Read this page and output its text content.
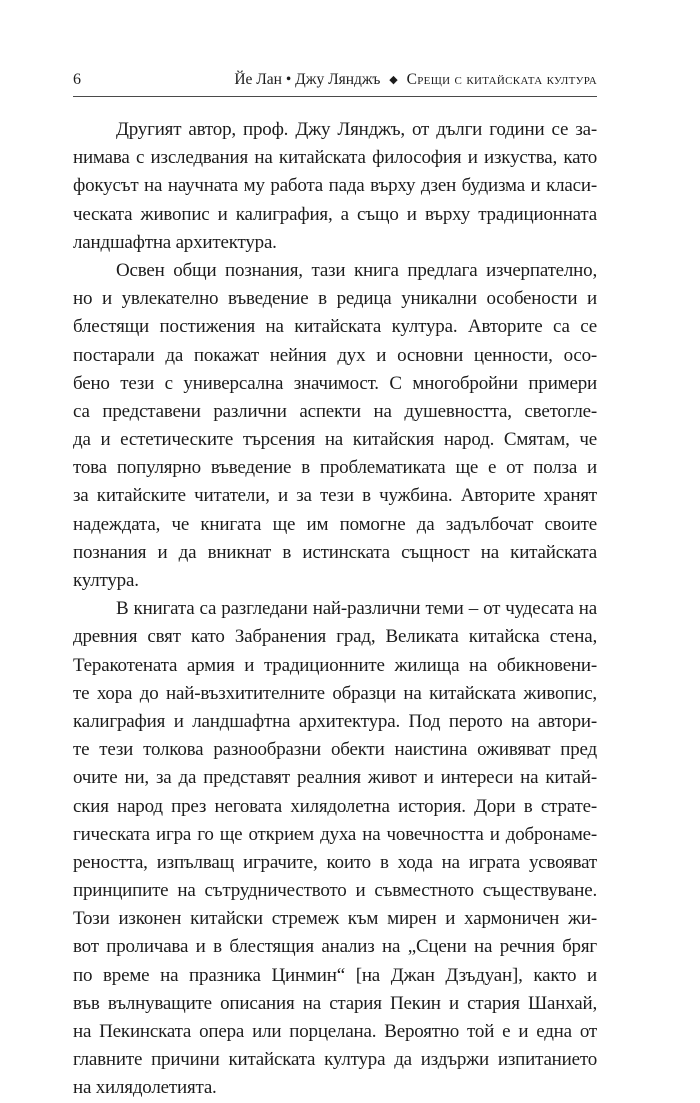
6	Йе Лан • Джу Лянджъ ◆ Срещи с китайската култура
Другият автор, проф. Джу Лянджъ, от дълги години се за-
нимава с изследвания на китайската философия и изкуства, като
фокусът на научната му работа пада върху дзен будизма и класи-
ческата живопис и калиграфия, а също и върху традиционната
ландшафтна архитектура.
Освен общи познания, тази книга предлага изчерпателно,
но и увлекателно въведение в редица уникални особености и
блестящи постижения на китайската култура. Авторите са се
постарали да покажат нейния дух и основни ценности, осо-
бено тези с универсална значимост. С многобройни примери
са представени различни аспекти на душевността, светогле-
да и естетическите търсения на китайския народ. Смятам, че
това популярно въведение в проблематиката ще е от полза и
за китайските читатели, и за тези в чужбина. Авторите хранят
надеждата, че книгата ще им помогне да задълбочат своите
познания и да вникнат в истинската същност на китайската
култура.
В книгата са разгледани най-различни теми – от чудесата на
древния свят като Забранения град, Великата китайска стена,
Теракотената армия и традиционните жилища на обикновени-
те хора до най-възхитителните образци на китайската живопис,
калиграфия и ландшафтна архитектура. Под перото на автори-
те тези толкова разнообразни обекти наистина оживяват пред
очите ни, за да представят реалния живот и интереси на китай-
ския народ през неговата хилядолетна история. Дори в страте-
гическата игра го ще открием духа на човечността и добронаме-
реността, изпълващ играчите, които в хода на играта усвояват
принципите на сътрудничеството и съвместното съществуване.
Този изконен китайски стремеж към мирен и хармоничен жи-
вот проличава и в блестящия анализ на „Сцени на речния бряг
по време на празника Цинмин“ [на Джан Дзъдуан], както и
във вълнуващите описания на стария Пекин и стария Шанхай,
на Пекинската опера или порцелана. Вероятно той е и една от
главните причини китайската култура да издържи изпитанието
на хилядолетията.
